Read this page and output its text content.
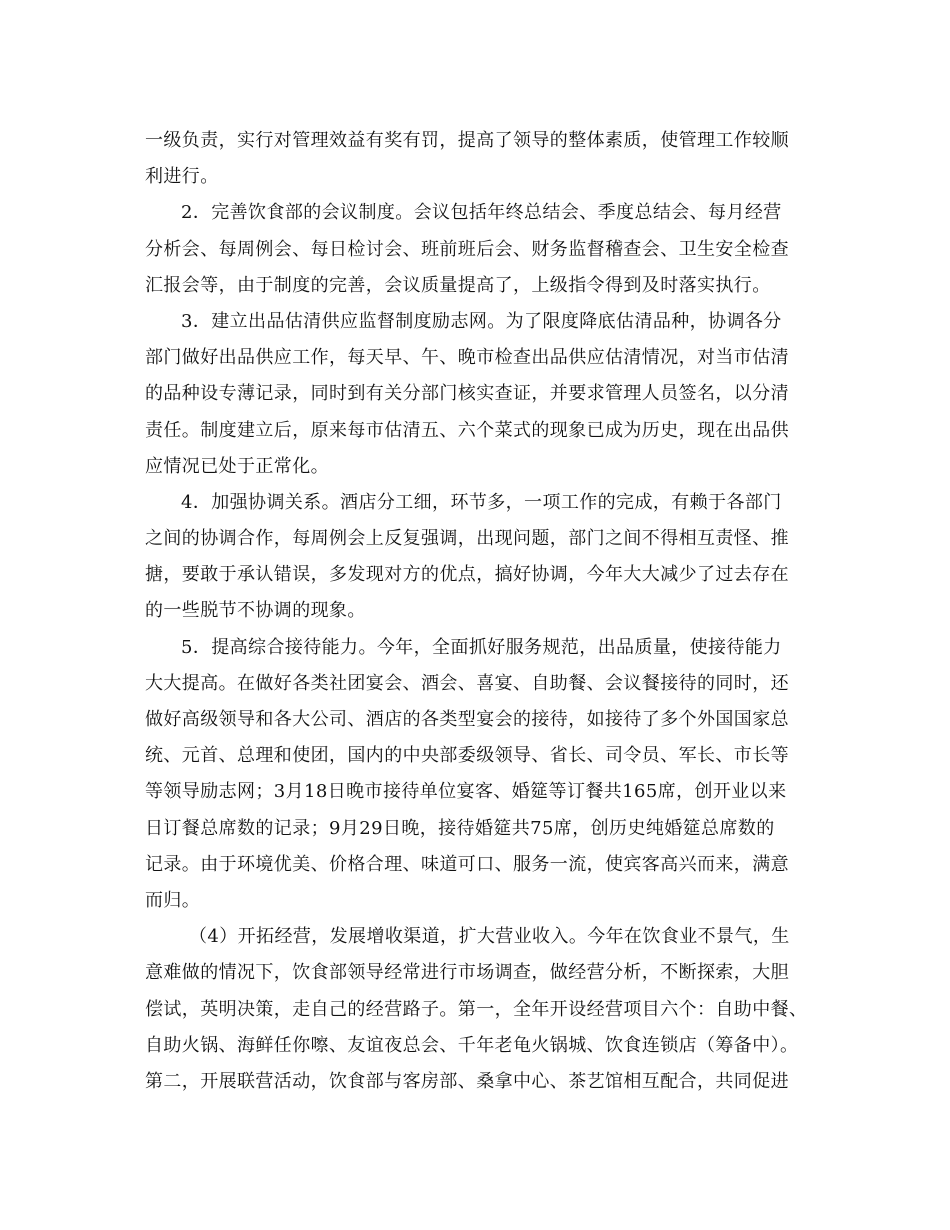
一级负责，实行对管理效益有奖有罚，提高了领导的整体素质，使管理工作较顺
利进行。

2．完善饮食部的会议制度。会议包括年终总结会、季度总结会、每月经营
分析会、每周例会、每日检讨会、班前班后会、财务监督稽查会、卫生安全检查
汇报会等，由于制度的完善，会议质量提高了，上级指令得到及时落实执行。

3．建立出品估清供应监督制度励志网。为了限度降底估清品种，协调各分
部门做好出品供应工作，每天早、午、晚市检查出品供应估清情况，对当市估清
的品种设专薄记录，同时到有关分部门核实查证，并要求管理人员签名，以分清
责任。制度建立后，原来每市估清五、六个菜式的现象已成为历史，现在出品供
应情况已处于正常化。

4．加强协调关系。酒店分工细，环节多，一项工作的完成，有赖于各部门
之间的协调合作，每周例会上反复强调，出现问题，部门之间不得相互责怪、推
搪，要敢于承认错误，多发现对方的优点，搞好协调，今年大大减少了过去存在
的一些脱节不协调的现象。

5．提高综合接待能力。今年，全面抓好服务规范，出品质量，使接待能力
大大提高。在做好各类社团宴会、酒会、喜宴、自助餐、会议餐接待的同时，还
做好高级领导和各大公司、酒店的各类型宴会的接待，如接待了多个外国国家总
统、元首、总理和使团，国内的中央部委级领导、省长、司令员、军长、市长等
等领导励志网；3月18日晚市接待单位宴客、婚筵等订餐共165席，创开业以来
日订餐总席数的记录；9月29日晚，接待婚筵共75席，创历史纯婚筵总席数的
记录。由于环境优美、价格合理、味道可口、服务一流，使宾客高兴而来，满意
而归。

（4）开拓经营，发展增收渠道，扩大营业收入。今年在饮食业不景气，生
意难做的情况下，饮食部领导经常进行市场调查，做经营分析，不断探索，大胆
偿试，英明决策，走自己的经营路子。第一，全年开设经营项目六个：自助中餐、
自助火锅、海鲜任你嚓、友谊夜总会、千年老龟火锅城、饮食连锁店（筹备中）。
第二，开展联营活动，饮食部与客房部、桑拿中心、茶艺馆相互配合，共同促进
